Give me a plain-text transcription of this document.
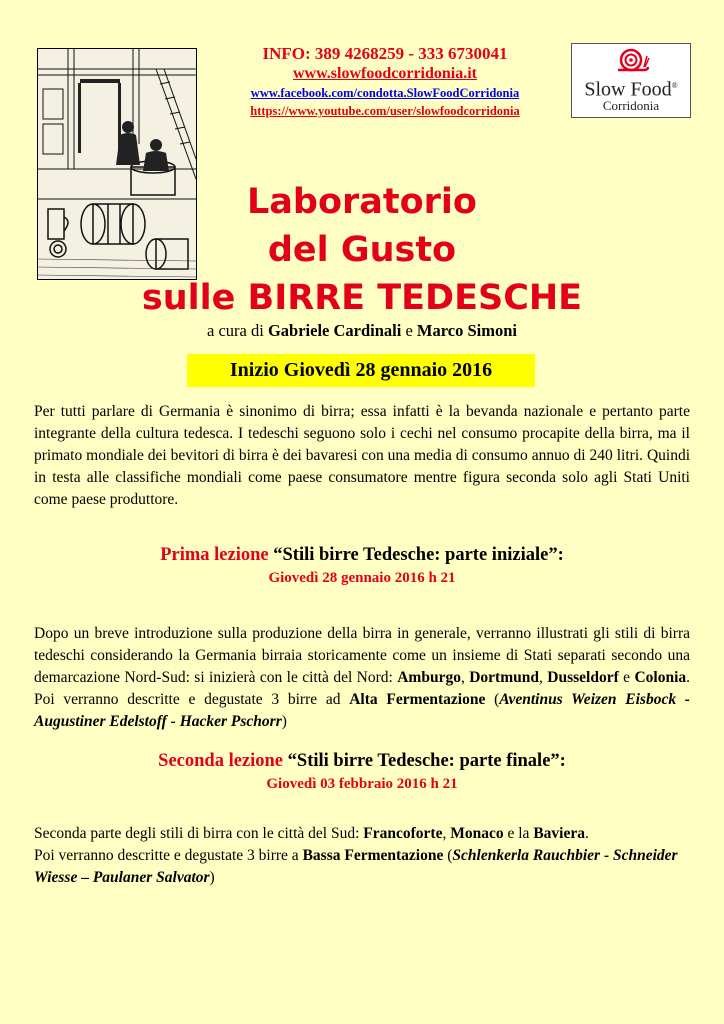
INFO: 389 4268259 - 333 6730041
www.slowfoodcorridonia.it
www.facebook.com/condotta.SlowFoodCorridonia
https://www.youtube.com/user/slowfoodcorridonia
Slow Food®
Corridonia
Laboratorio
del Gusto
sulle BIRRE TEDESCHE
a cura di Gabriele Cardinali e Marco Simoni
Inizio Giovedì 28 gennaio 2016

Per tutti parlare di Germania è sinonimo di birra; essa infatti è la bevanda nazionale e pertanto parte integrante della cultura tedesca. I tedeschi seguono solo i cechi nel consumo procapite della birra, ma il primato mondiale dei bevitori di birra è dei bavaresi con una media di consumo annuo di 240 litri. Quindi in testa alle classifiche mondiali come paese consumatore mentre figura seconda solo agli Stati Uniti come paese produttore.

Prima lezione “Stili birre Tedesche: parte iniziale”:
Giovedì 28 gennaio 2016 h 21

Dopo un breve introduzione sulla produzione della birra in generale, verranno illustrati gli stili di birra tedeschi considerando la Germania birraia storicamente come un insieme di Stati separati secondo una demarcazione Nord-Sud: si inizierà con le città del Nord: Amburgo, Dortmund, Dusseldorf e Colonia. Poi verranno descritte e degustate 3 birre ad Alta Fermentazione (Aventinus Weizen Eisbock - Augustiner Edelstoff - Hacker Pschorr)

Seconda lezione “Stili birre Tedesche: parte finale”:
Giovedì 03 febbraio 2016 h 21

Seconda parte degli stili di birra con le città del Sud: Francoforte, Monaco e la Baviera.
Poi verranno descritte e degustate 3 birre a Bassa Fermentazione (Schlenkerla Rauchbier - Schneider Wiesse – Paulaner Salvator)
